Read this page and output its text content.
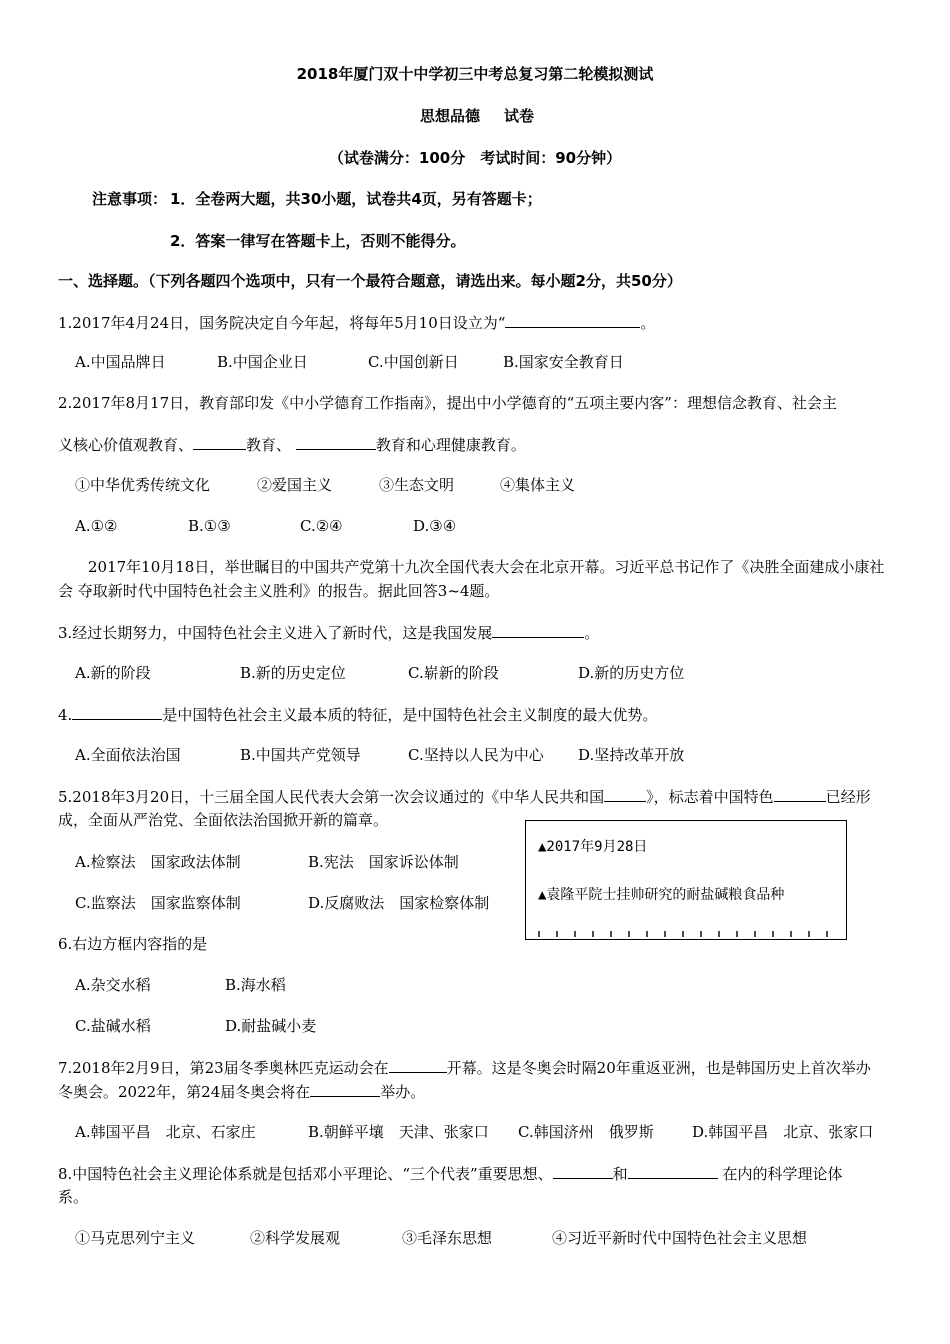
2018年厦门双十中学初三中考总复习第二轮模拟测试
思想品德 试卷
（试卷满分：100分　考试时间：90分钟）
注意事项： 1．全卷两大题，共30小题，试卷共4页，另有答题卡；
2．答案一律写在答题卡上，否则不能得分。
一、选择题。（下列各题四个选项中，只有一个最符合题意，请选出来。每小题2分，共50分）
1.2017年4月24日，国务院决定自今年起，将每年5月10日设立为“	。
A.中国品牌日	B.中国企业日	C.中国创新日	B.国家安全教育日
2.2017年8月17日，教育部印发《中小学德育工作指南》，提出中小学德育的“五项主要内客”：理想信念教育、社会主
义核心价值观教育、	教育、	教育和心理健康教育。
①中华优秀传统文化	②爱国主义	③生态文明	④集体主义
A.①②	B.①③	C.②④	D.③④
2017年10月18日，举世瞩目的中国共产党第十九次全国代表大会在北京开幕。习近平总书记作了《决胜全面建成小康社
会 夺取新时代中国特色社会主义胜利》的报告。据此回答3~4题。
3.经过长期努力，中国特色社会主义进入了新时代，这是我国发展	。
A.新的阶段	B.新的历史定位	C.崭新的阶段	D.新的历史方位
4.	是中国特色社会主义最本质的特征，是中国特色社会主义制度的最大优势。
A.全面依法治国	B.中国共产党领导	C.坚持以人民为中心 D.坚持改革开放
5.2018年3月20日，十三届全国人民代表大会第一次会议通过的《中华人民共和国	》，标志着中国特色	已经形
成，全面从严治党、全面依法治国掀开新的篇章。
A.检察法　国家政法体制	B.宪法　国家诉讼体制
C.监察法　国家监察体制	D.反腐败法　国家检察体制
▲2017年9月28日
▲袁隆平院士挂帅研究的耐盐碱粮食品种
6.右边方框内容指的是
A.杂交水稻	B.海水稻
C.盐碱水稻	D.耐盐碱小麦
7.2018年2月9日，第23届冬季奥林匹克运动会在	开幕。这是冬奥会时隔20年重返亚洲，也是韩国历史上首次举办
冬奥会。2022年，第24届冬奥会将在	举办。
A.韩国平昌　北京、石家庄	B.朝鲜平壤　天津、张家口 C.韩国济州　俄罗斯	D.韩国平昌　北京、张家口
8.中国特色社会主义理论体系就是包括邓小平理论、“三个代表”重要思想、	和	在内的科学理论体
系。
①马克思列宁主义	②科学发展观	③毛泽东思想	④习近平新时代中国特色社会主义思想
